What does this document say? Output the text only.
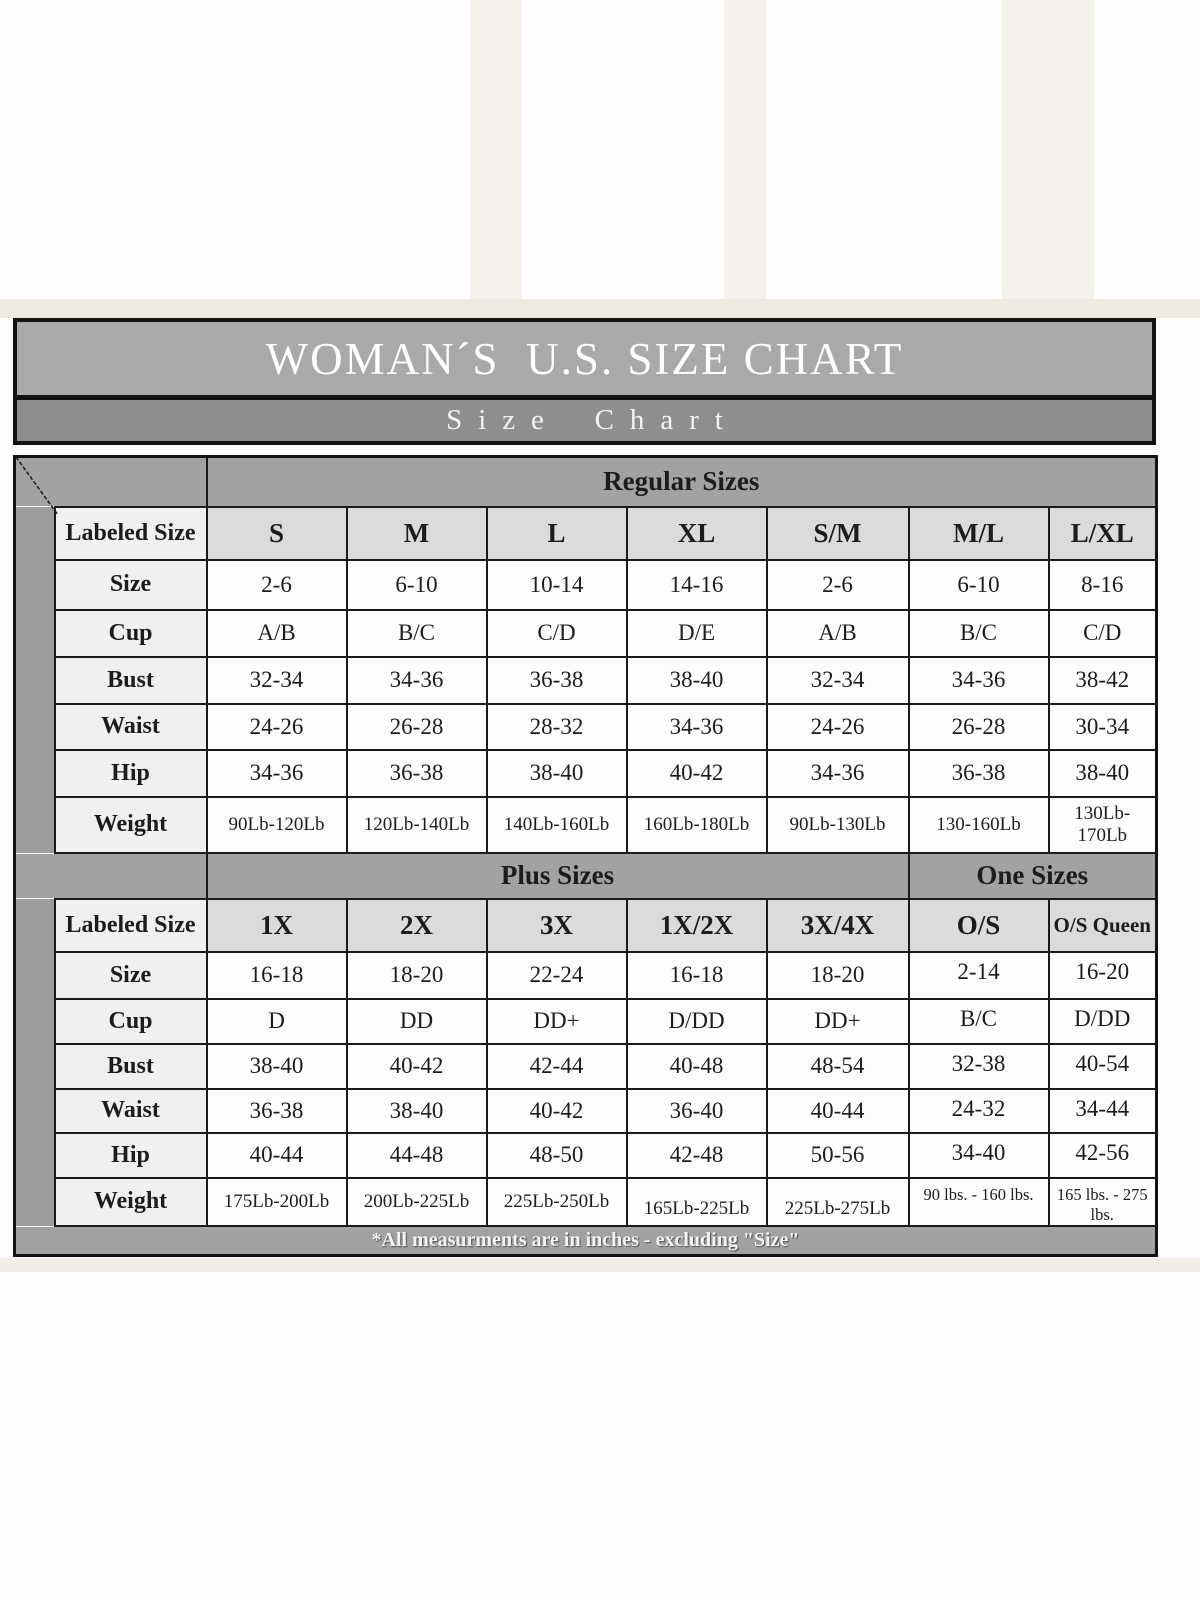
WOMAN´S  U.S. SIZE CHART
Size Chart
		Regular Sizes						
	Labeled Size	S	M	L	XL	S/M	M/L	L/XL
	Size	2-6	6-10	10-14	14-16	2-6	6-10	8-16
	Cup	A/B	B/C	C/D	D/E	A/B	B/C	C/D
	Bust	32-34	34-36	36-38	38-40	32-34	34-36	38-42
	Waist	24-26	26-28	28-32	34-36	24-26	26-28	30-34
	Hip	34-36	36-38	38-40	40-42	34-36	36-38	38-40
	Weight	90Lb-120Lb	120Lb-140Lb	140Lb-160Lb	160Lb-180Lb	90Lb-130Lb	130-160Lb	130Lb-170Lb
		Plus Sizes					One Sizes	
	Labeled Size	1X	2X	3X	1X/2X	3X/4X	O/S	O/S Queen
	Size	16-18	18-20	22-24	16-18	18-20	2-14	16-20
	Cup	D	DD	DD+	D/DD	DD+	B/C	D/DD
	Bust	38-40	40-42	42-44	40-48	48-54	32-38	40-54
	Waist	36-38	38-40	40-42	36-40	40-44	24-32	34-44
	Hip	40-44	44-48	48-50	42-48	50-56	34-40	42-56
	Weight	175Lb-200Lb	200Lb-225Lb	225Lb-250Lb	165Lb-225Lb	225Lb-275Lb	90 lbs. - 160 lbs.	165 lbs. - 275 lbs.
*All measurments are in inches - excluding "Size"								
